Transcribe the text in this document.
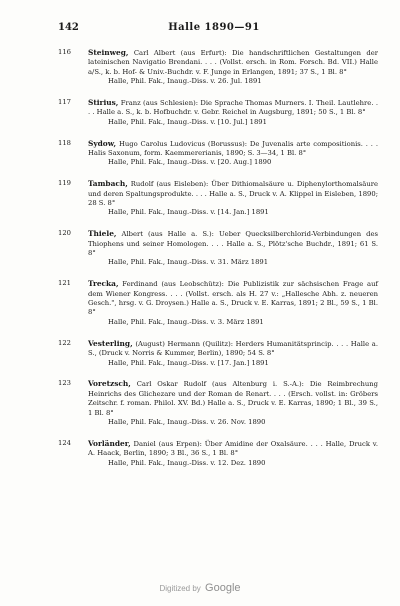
142	Halle 1890—91
116 Steinweg, Carl Albert (aus Erfurt): Die handschriftlichen Gestaltungen der lateinischen Navigatio Brendani. . . . (Vollst. ersch. in Rom. Forsch. Bd. VII.) Halle a/S., k. b. Hof- & Univ.-Buchdr. v. F. Junge in Erlangen, 1891; 37 S., 1 Bl. 8°
Halle, Phil. Fak., Inaug.-Diss. v. 26. Jul. 1891
117 Stirius, Franz (aus Schlesien): Die Sprache Thomas Murners. I. Theil. Lautlehre. . . . Halle a. S., k. b. Hofbuchdr. v. Gebr. Reichel in Augsburg, 1891; 50 S., 1 Bl. 8°
Halle, Phil. Fak., Inaug.-Diss. v. [10. Jul.] 1891
118 Sydow, Hugo Carolus Ludovicus (Borussus): De Juvenalis arte compositionis. . . . Halis Saxonum, form. Kaemmererianis, 1890; S. 3—34, 1 Bl. 8°
Halle, Phil. Fak., Inaug.-Diss. v. [20. Aug.] 1890
119 Tambach, Rudolf (aus Eisleben): Über Dithiomalsäure u. Diphenylorthomalsäure und deren Spaltungsprodukte. . . . Halle a. S., Druck v. A. Klippel in Eisleben, 1890; 28 S. 8°
Halle, Phil. Fak., Inaug.-Diss. v. [14. Jan.] 1891
120 Thiele, Albert (aus Halle a. S.): Ueber Quecksilberchlorid-Verbindungen des Thiophens und seiner Homologen. . . . Halle a. S., Plötz'sche Buchdr., 1891; 61 S. 8°
Halle, Phil. Fak., Inaug.-Diss. v. 31. März 1891
121 Trecka, Ferdinand (aus Leobschütz): Die Publizistik zur sächsischen Frage auf dem Wiener Kongress. . . . (Vollst. ersch. als H. 27 v.: „Hallesche Abh. z. neueren Gesch.", hrsg. v. G. Droysen.) Halle a. S., Druck v. E. Karras, 1891; 2 Bl., 59 S., 1 Bl. 8°
Halle, Phil. Fak., Inaug.-Diss. v. 3. März 1891
122 Vesterling, (August) Hermann (Quilitz): Herders Humanitätsprincip. . . . Halle a. S., (Druck v. Norris & Kummer, Berlin), 1890; 54 S. 8°
Halle, Phil. Fak., Inaug.-Diss. v. [17. Jan.] 1891
123 Voretzsch, Carl Oskar Rudolf (aus Altenburg i. S.-A.): Die Reimbrechung Heinrichs des Glichezare und der Roman de Renart. . . . (Ersch. vollst. in: Gröbers Zeitschr. f. roman. Philol. XV. Bd.) Halle a. S., Druck v. E. Karras, 1890; 1 Bl., 39 S., 1 Bl. 8°
Halle, Phil. Fak., Inaug.-Diss. v. 26. Nov. 1890
124 Vorländer, Daniel (aus Erpen): Über Amidine der Oxalsäure. . . . Halle, Druck v. A. Haack, Berlin, 1890; 3 Bl., 36 S., 1 Bl. 8°
Halle, Phil. Fak., Inaug.-Diss. v. 12. Dez. 1890
Digitized by Google
